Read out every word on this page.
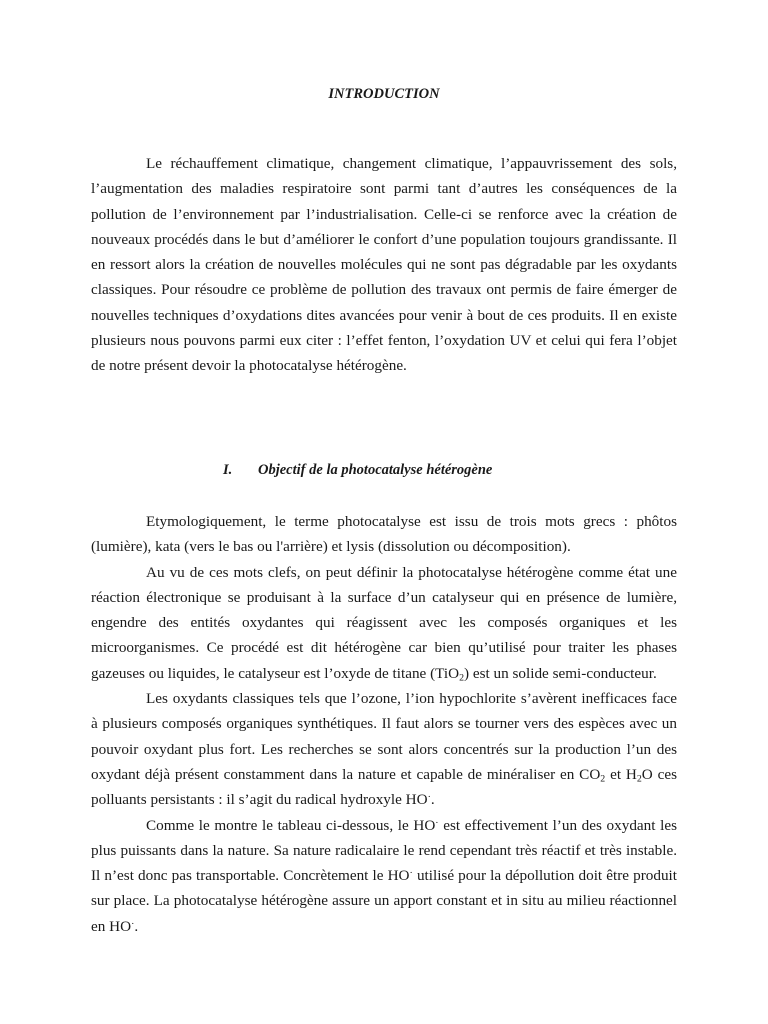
INTRODUCTION

Le réchauffement climatique, changement climatique, l’appauvrissement des sols, l’augmentation des maladies respiratoire sont parmi tant d’autres les conséquences de la pollution de l’environnement par l’industrialisation. Celle-ci se renforce avec la création de nouveaux procédés dans le but d’améliorer le confort d’une population toujours grandissante. Il en ressort alors la création de nouvelles molécules qui ne sont pas dégradable par les oxydants classiques. Pour résoudre ce problème de pollution des travaux ont permis de faire émerger de nouvelles techniques d’oxydations dites avancées pour venir à bout de ces produits. Il en existe plusieurs nous pouvons parmi eux citer : l’effet fenton, l’oxydation UV et celui qui fera l’objet de notre présent devoir la photocatalyse hétérogène.

I. Objectif de la photocatalyse hétérogène

Etymologiquement, le terme photocatalyse est issu de trois mots grecs : phôtos (lumière), kata (vers le bas ou l'arrière) et lysis (dissolution ou décomposition).

Au vu de ces mots clefs, on peut définir la photocatalyse hétérogène comme état une réaction électronique se produisant à la surface d’un catalyseur qui en présence de lumière, engendre des entités oxydantes qui réagissent avec les composés organiques et les microorganismes. Ce procédé est dit hétérogène car bien qu’utilisé pour traiter les phases gazeuses ou liquides, le catalyseur est l’oxyde de titane (TiO$_2$) est un solide semi-conducteur.

Les oxydants classiques tels que l’ozone, l’ion hypochlorite s’avèrent inefficaces face à plusieurs composés organiques synthétiques. Il faut alors se tourner vers des espèces avec un pouvoir oxydant plus fort. Les recherches se sont alors concentrés sur la production l’un des oxydant déjà présent constamment dans la nature et capable de minéraliser en $CO_2$ et $H_2O$ ces polluants persistants : il s’agit du radical hydroxyle HO·.

Comme le montre le tableau ci-dessous, le HO· est effectivement l’un des oxydant les plus puissants dans la nature. Sa nature radicalaire le rend cependant très réactif et très instable. Il n’est donc pas transportable. Concrètement le HO· utilisé pour la dépollution doit être produit sur place. La photocatalyse hétérogène assure un apport constant et in situ au milieu réactionnel en HO·.
